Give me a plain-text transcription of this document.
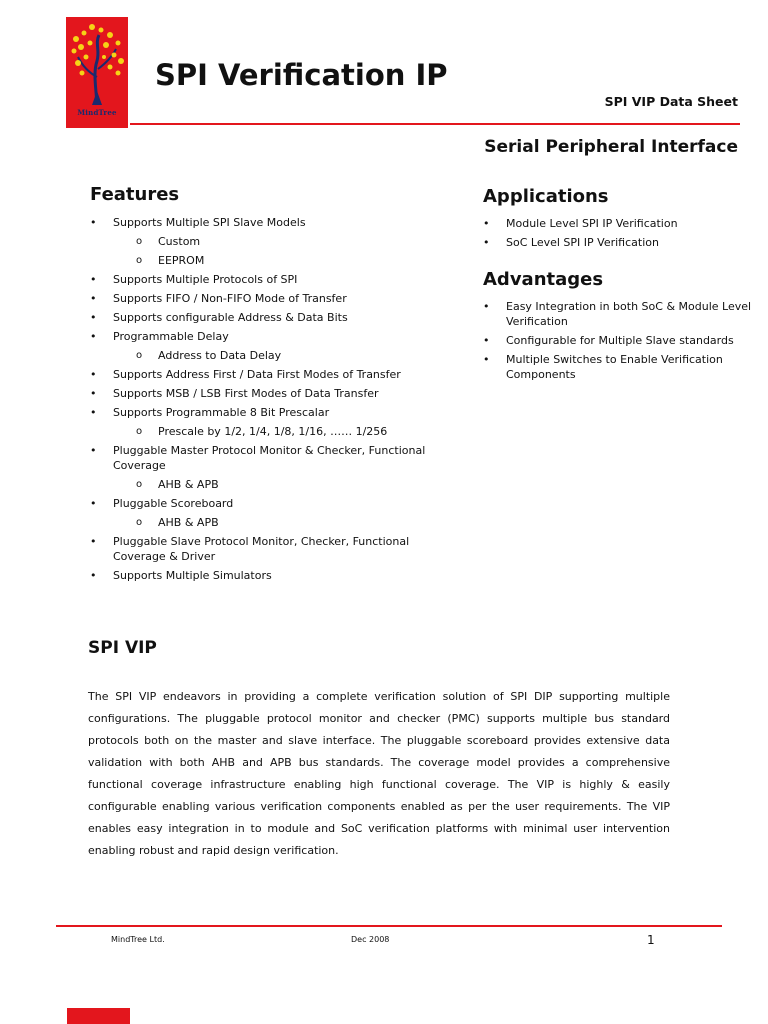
MindTree
SPI Verification IP
SPI VIP Data Sheet
Serial Peripheral Interface
Features
• Supports Multiple SPI Slave Models
o Custom
o EEPROM
• Supports Multiple Protocols of SPI
• Supports FIFO / Non-FIFO Mode of Transfer
• Supports configurable Address & Data Bits
• Programmable Delay
o Address to Data Delay
• Supports Address First / Data First Modes of Transfer
• Supports MSB / LSB First Modes of Data Transfer
• Supports Programmable 8 Bit Prescalar
o Prescale by 1/2, 1/4, 1/8, 1/16, …… 1/256
• Pluggable Master Protocol Monitor & Checker, Functional Coverage
o AHB & APB
• Pluggable Scoreboard
o AHB & APB
• Pluggable Slave Protocol Monitor, Checker, Functional Coverage & Driver
• Supports Multiple Simulators
Applications
• Module Level SPI IP Verification
• SoC Level SPI IP Verification
Advantages
• Easy Integration in both SoC & Module Level Verification
• Configurable for Multiple Slave standards
• Multiple Switches to Enable Verification Components
SPI VIP

The SPI VIP endeavors in providing a complete verification solution of SPI DIP supporting multiple configurations. The pluggable protocol monitor and checker (PMC) supports multiple bus standard protocols both on the master and slave interface. The pluggable scoreboard provides extensive data validation with both AHB and APB bus standards. The coverage model provides a comprehensive functional coverage infrastructure enabling high functional coverage. The VIP is highly & easily configurable enabling various verification components enabled as per the user requirements. The VIP enables easy integration in to module and SoC verification platforms with minimal user intervention enabling robust and rapid design verification.

MindTree Ltd.	Dec 2008	1
